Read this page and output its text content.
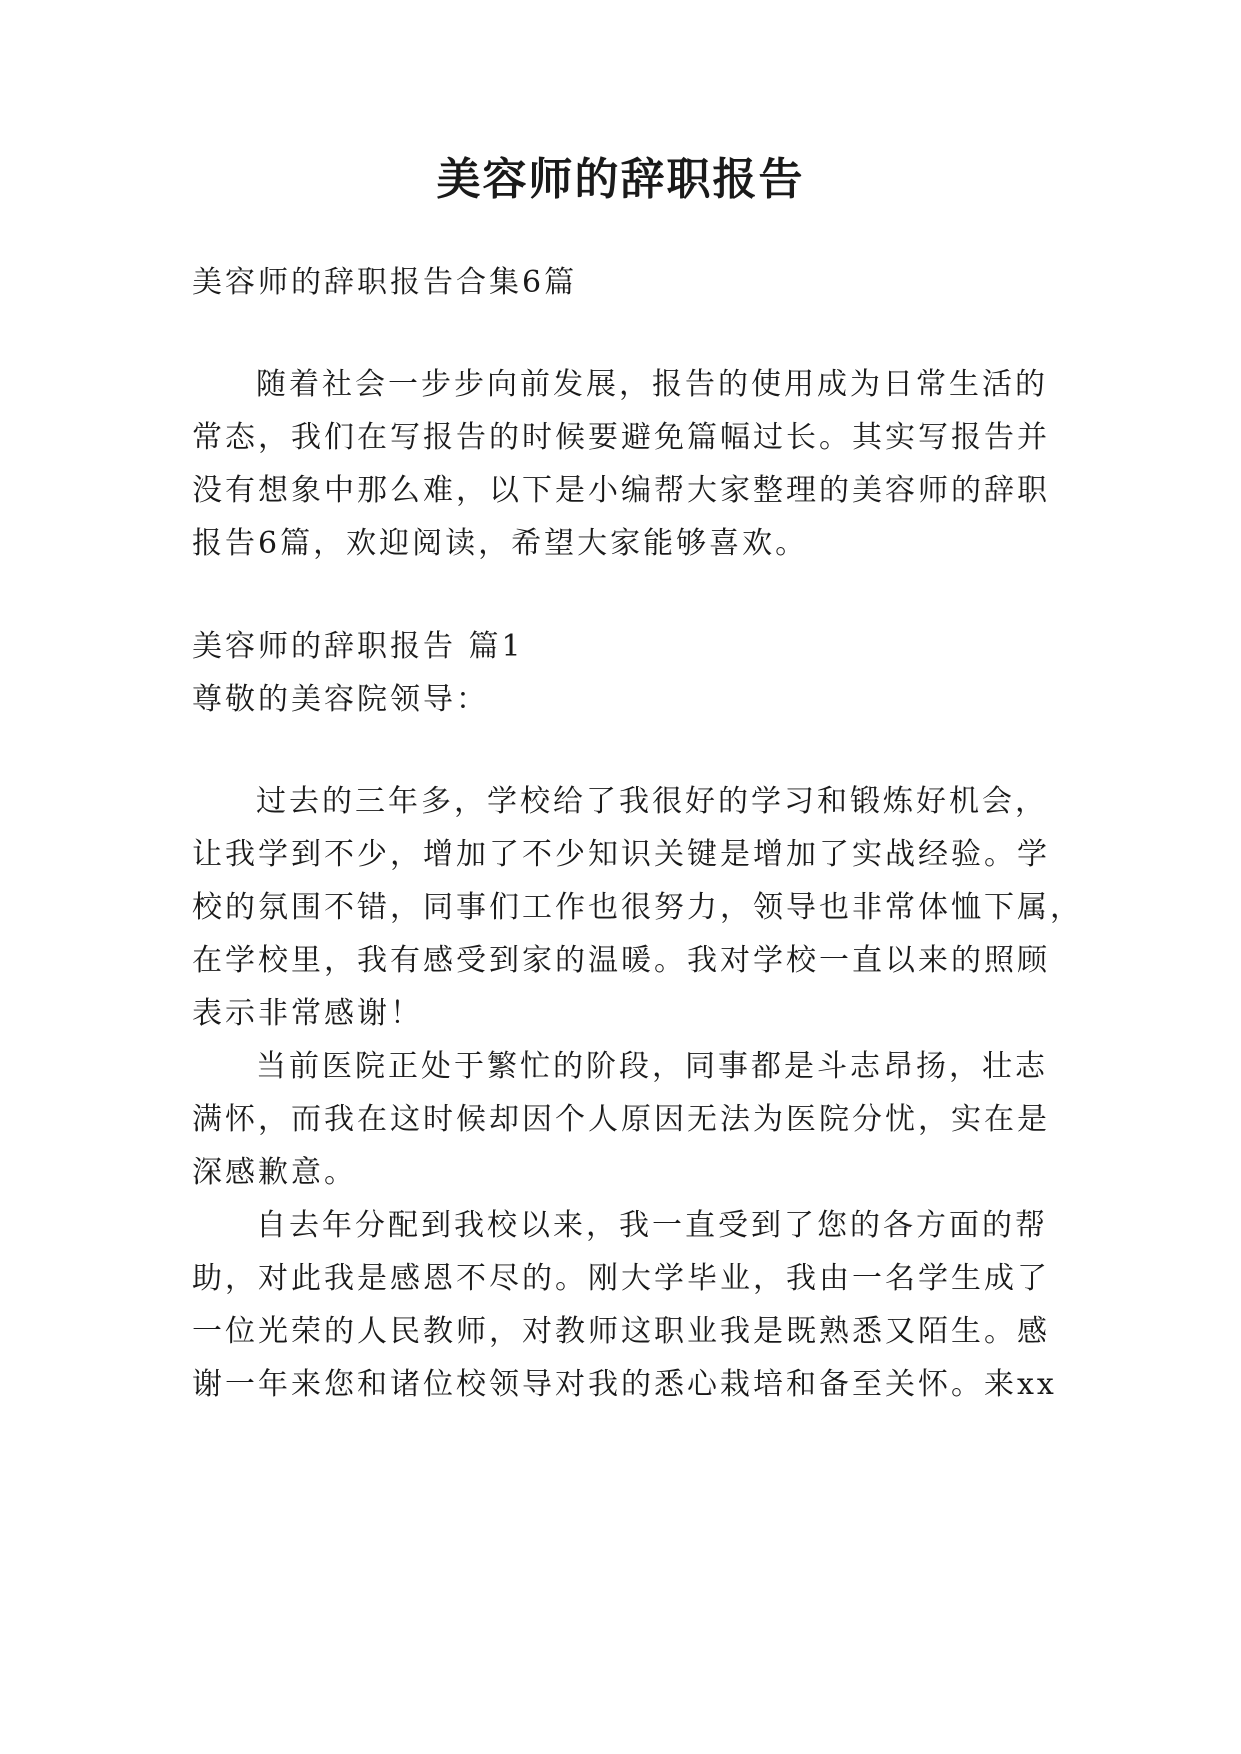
美容师的辞职报告
美容师的辞职报告合集6篇
随着社会一步步向前发展，报告的使用成为日常生活的
常态，我们在写报告的时候要避免篇幅过长。其实写报告并
没有想象中那么难，以下是小编帮大家整理的美容师的辞职
报告6篇，欢迎阅读，希望大家能够喜欢。
美容师的辞职报告 篇1
尊敬的美容院领导：
过去的三年多，学校给了我很好的学习和锻炼好机会，
让我学到不少，增加了不少知识关键是增加了实战经验。学
校的氛围不错，同事们工作也很努力，领导也非常体恤下属，
在学校里，我有感受到家的温暖。我对学校一直以来的照顾
表示非常感谢！
当前医院正处于繁忙的阶段，同事都是斗志昂扬，壮志
满怀，而我在这时候却因个人原因无法为医院分忧，实在是
深感歉意。
自去年分配到我校以来，我一直受到了您的各方面的帮
助，对此我是感恩不尽的。刚大学毕业，我由一名学生成了
一位光荣的人民教师，对教师这职业我是既熟悉又陌生。感
谢一年来您和诸位校领导对我的悉心栽培和备至关怀。来xx
